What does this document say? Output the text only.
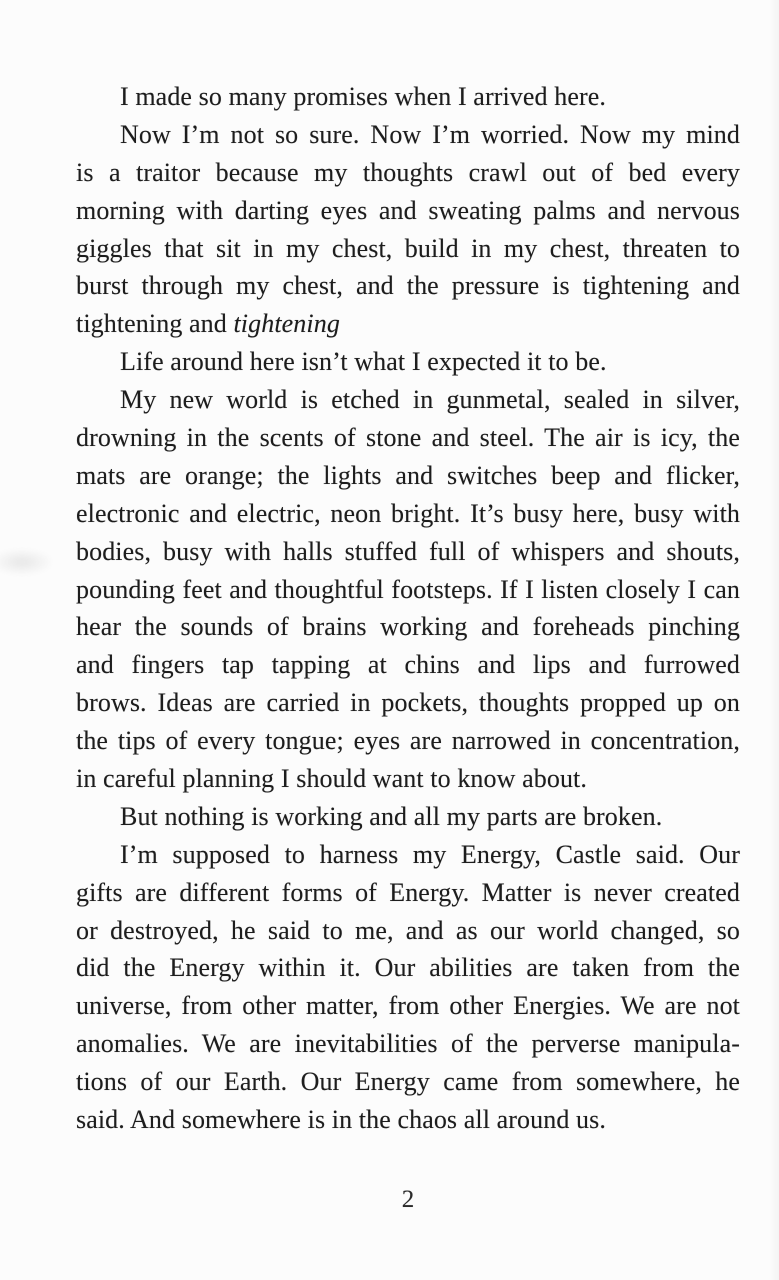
I made so many promises when I arrived here.

Now I’m not so sure. Now I’m worried. Now my mind
is a traitor because my thoughts crawl out of bed every
morning with darting eyes and sweating palms and nervous
giggles that sit in my chest, build in my chest, threaten to
burst through my chest, and the pressure is tightening and
tightening and tightening

Life around here isn’t what I expected it to be.

My new world is etched in gunmetal, sealed in silver,
drowning in the scents of stone and steel. The air is icy, the
mats are orange; the lights and switches beep and flicker,
electronic and electric, neon bright. It’s busy here, busy with
bodies, busy with halls stuffed full of whispers and shouts,
pounding feet and thoughtful footsteps. If I listen closely I can
hear the sounds of brains working and foreheads pinching
and fingers tap tapping at chins and lips and furrowed
brows. Ideas are carried in pockets, thoughts propped up on
the tips of every tongue; eyes are narrowed in concentration,
in careful planning I should want to know about.

But nothing is working and all my parts are broken.

I’m supposed to harness my Energy, Castle said. Our
gifts are different forms of Energy. Matter is never created
or destroyed, he said to me, and as our world changed, so
did the Energy within it. Our abilities are taken from the
universe, from other matter, from other Energies. We are not
anomalies. We are inevitabilities of the perverse manipula-
tions of our Earth. Our Energy came from somewhere, he
said. And somewhere is in the chaos all around us.

2
